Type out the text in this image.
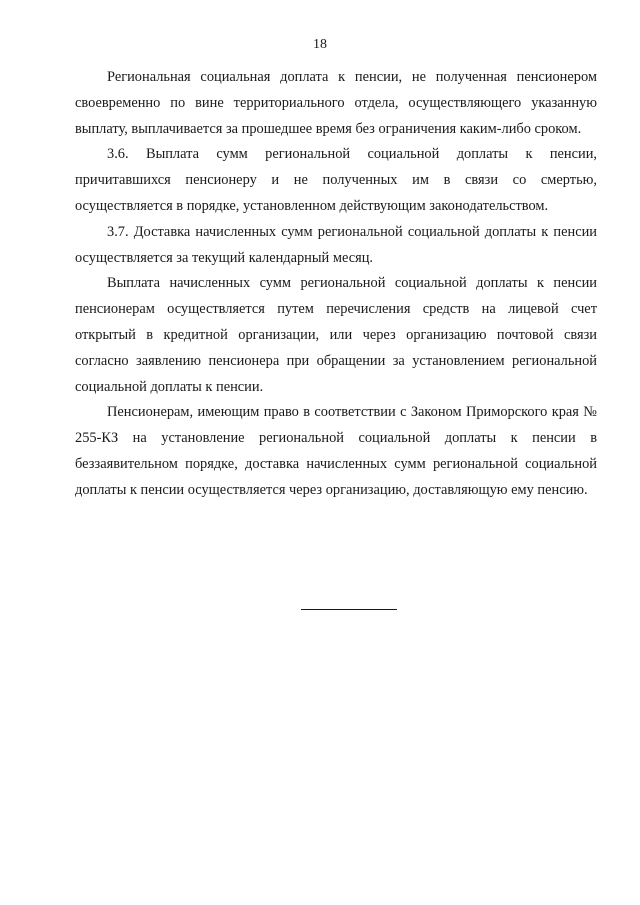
18

Региональная социальная доплата к пенсии, не полученная пенсионером своевременно по вине территориального отдела, осуществляющего указанную выплату, выплачивается за прошедшее время без ограничения каким-либо сроком.

3.6. Выплата сумм региональной социальной доплаты к пенсии, причитавшихся пенсионеру и не полученных им в связи со смертью, осуществляется в порядке, установленном действующим законодательством.

3.7. Доставка начисленных сумм региональной социальной доплаты к пенсии осуществляется за текущий календарный месяц.

Выплата начисленных сумм региональной социальной доплаты к пенсии пенсионерам осуществляется путем перечисления средств на лицевой счет открытый в кредитной организации, или через организацию почтовой связи согласно заявлению пенсионера при обращении за установлением региональной социальной доплаты к пенсии.

Пенсионерам, имеющим право в соответствии с Законом Приморского края № 255-КЗ на установление региональной социальной доплаты к пенсии в беззаявительном порядке, доставка начисленных сумм региональной социальной доплаты к пенсии осуществляется через организацию, доставляющую ему пенсию.
